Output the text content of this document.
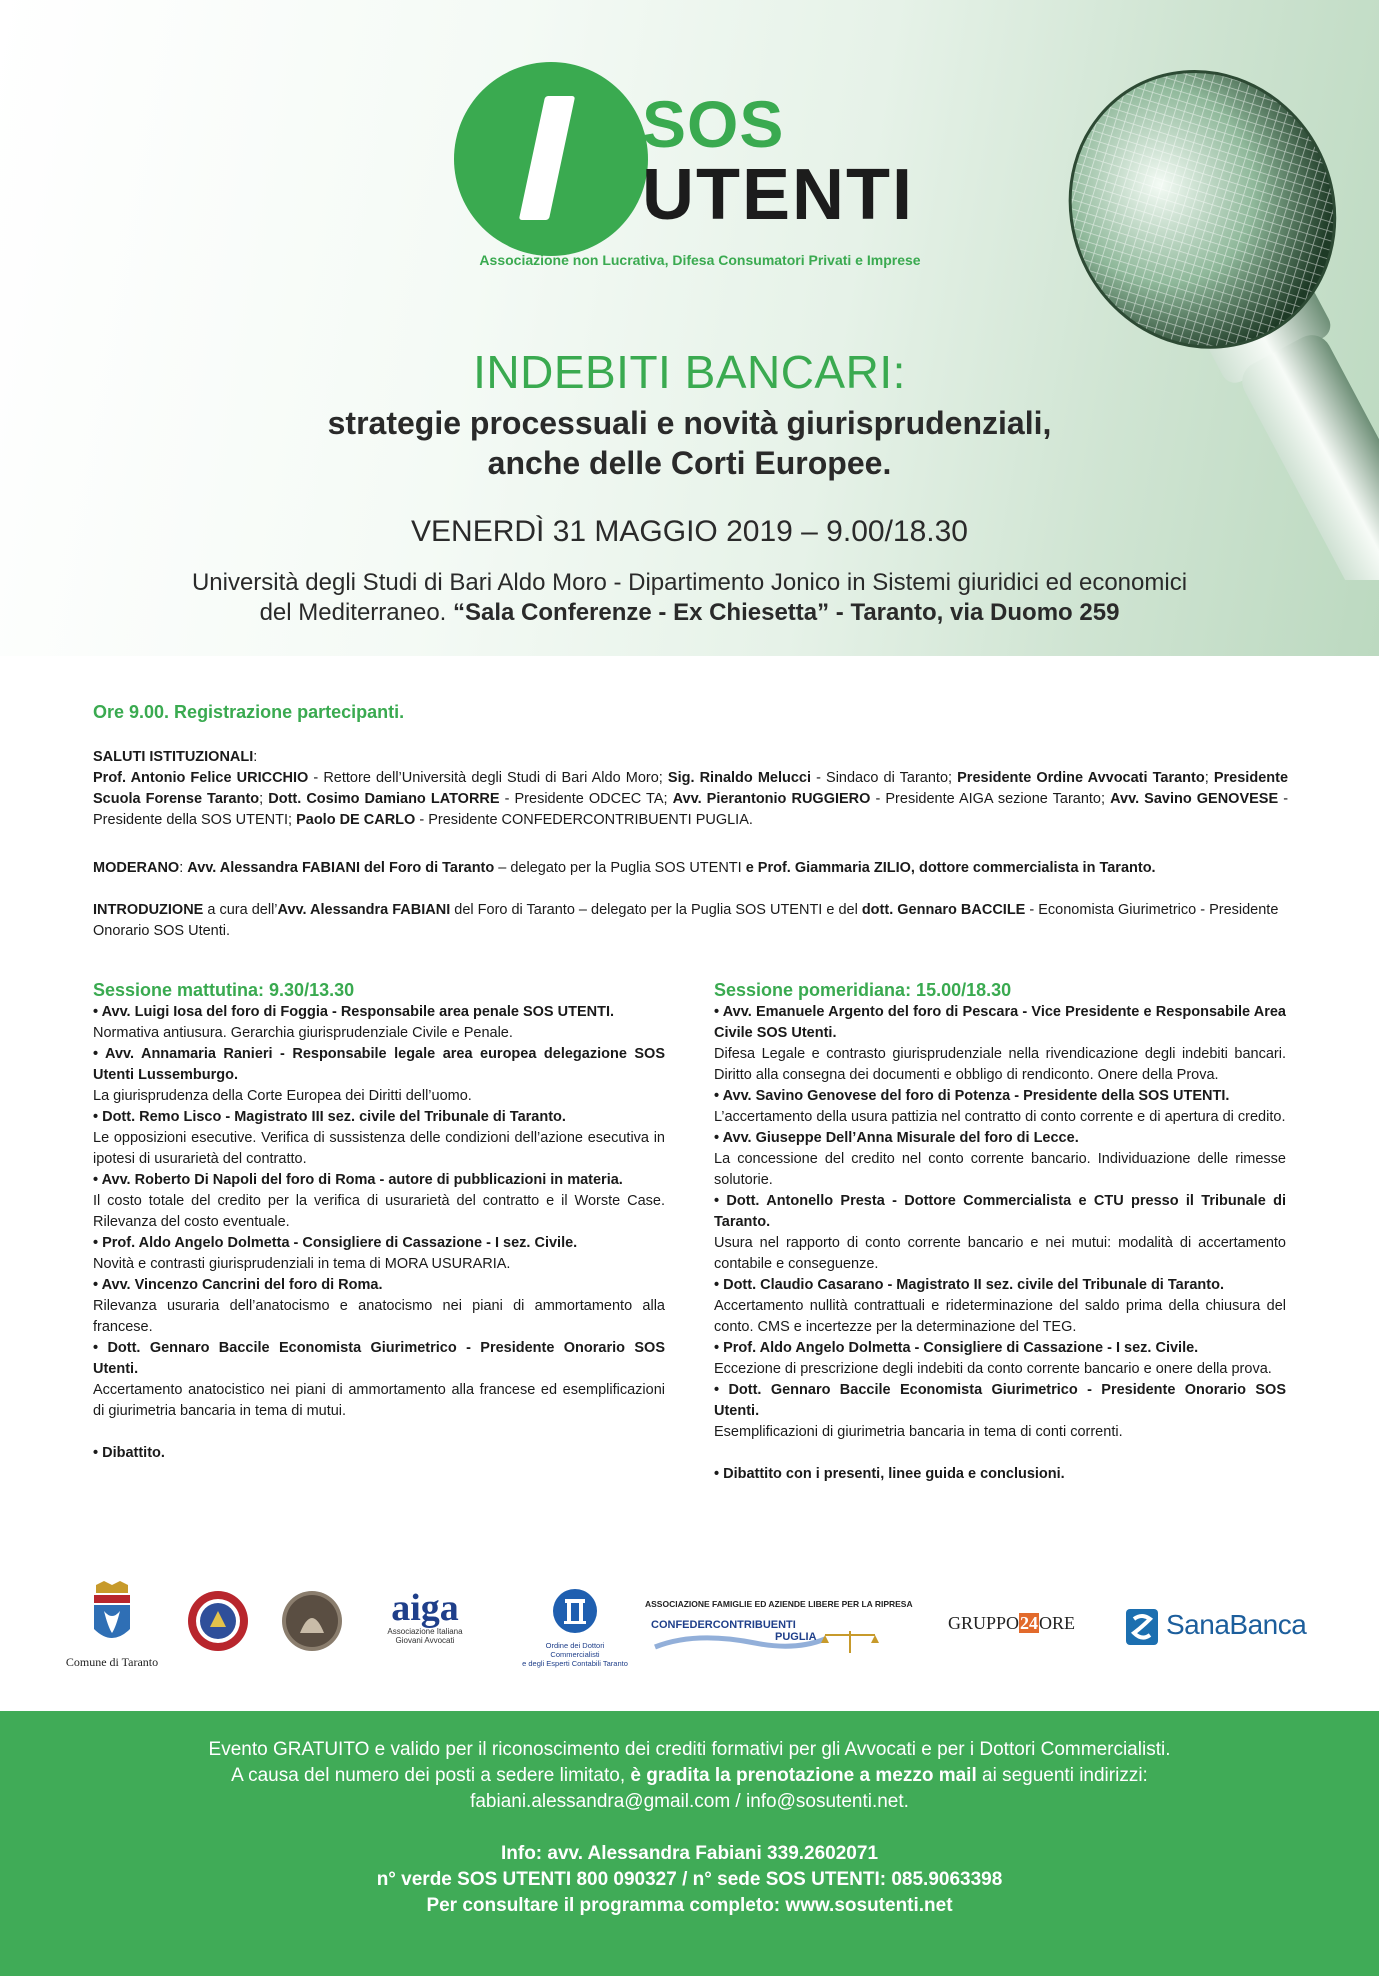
SOS
UTENTI
Associazione non Lucrativa, Difesa Consumatori Privati e Imprese
INDEBITI BANCARI:
strategie processuali e novità giurisprudenziali,
anche delle Corti Europee.
VENERDÌ 31 MAGGIO 2019 – 9.00/18.30
Università degli Studi di Bari Aldo Moro - Dipartimento Jonico in Sistemi giuridici ed economici
del Mediterraneo. “Sala Conferenze - Ex Chiesetta” - Taranto, via Duomo 259
Ore 9.00. Registrazione partecipanti.
SALUTI ISTITUZIONALI:
Prof. Antonio Felice URICCHIO - Rettore dell’Università degli Studi di Bari Aldo Moro; Sig. Rinaldo Melucci - Sindaco di Taranto; Presidente Ordine Avvocati Taranto; Presidente Scuola Forense Taranto; Dott. Cosimo Damiano LATORRE - Presidente ODCEC TA; Avv. Pierantonio RUGGIERO - Presidente AIGA sezione Taranto; Avv. Savino GENOVESE - Presidente della SOS UTENTI; Paolo DE CARLO - Presidente CONFEDERCONTRIBUENTI PUGLIA.
MODERANO: Avv. Alessandra FABIANI del Foro di Taranto – delegato per la Puglia SOS UTENTI e Prof. Giammaria ZILIO, dottore commercialista in Taranto.
INTRODUZIONE a cura dell’Avv. Alessandra FABIANI del Foro di Taranto – delegato per la Puglia SOS UTENTI e del dott. Gennaro BACCILE - Economista Giurimetrico - Presidente Onorario SOS Utenti.
Sessione mattutina: 9.30/13.30
• Avv. Luigi Iosa del foro di Foggia - Responsabile area penale SOS UTENTI.
Normativa antiusura. Gerarchia giurisprudenziale Civile e Penale.
• Avv. Annamaria Ranieri - Responsabile legale area europea delegazione SOS Utenti Lussemburgo.
La giurisprudenza della Corte Europea dei Diritti dell’uomo.
• Dott. Remo Lisco - Magistrato III sez. civile del Tribunale di Taranto.
Le opposizioni esecutive. Verifica di sussistenza delle condizioni dell’azione esecutiva in ipotesi di usurarietà del contratto.
• Avv. Roberto Di Napoli del foro di Roma - autore di pubblicazioni in materia.
Il costo totale del credito per la verifica di usurarietà del contratto e il Worste Case. Rilevanza del costo eventuale.
• Prof. Aldo Angelo Dolmetta - Consigliere di Cassazione - I sez. Civile.
Novità e contrasti giurisprudenziali in tema di MORA USURARIA.
• Avv. Vincenzo Cancrini del foro di Roma.
Rilevanza usuraria dell’anatocismo e anatocismo nei piani di ammortamento alla francese.
• Dott. Gennaro Baccile Economista Giurimetrico - Presidente Onorario SOS Utenti.
Accertamento anatocistico nei piani di ammortamento alla francese ed esemplificazioni di giurimetria bancaria in tema di mutui.
• Dibattito.
Sessione pomeridiana: 15.00/18.30
• Avv. Emanuele Argento del foro di Pescara - Vice Presidente e Responsabile Area Civile SOS Utenti.
Difesa Legale e contrasto giurisprudenziale nella rivendicazione degli indebiti bancari. Diritto alla consegna dei documenti e obbligo di rendiconto. Onere della Prova.
• Avv. Savino Genovese del foro di Potenza - Presidente della SOS UTENTI.
L’accertamento della usura pattizia nel contratto di conto corrente e di apertura di credito.
• Avv. Giuseppe Dell’Anna Misurale del foro di Lecce.
La concessione del credito nel conto corrente bancario. Individuazione delle rimesse solutorie.
• Dott. Antonello Presta - Dottore Commercialista e CTU presso il Tribunale di Taranto.
Usura nel rapporto di conto corrente bancario e nei mutui: modalità di accertamento contabile e conseguenze.
• Dott. Claudio Casarano - Magistrato II sez. civile del Tribunale di Taranto.
Accertamento nullità contrattuali e rideterminazione del saldo prima della chiusura del conto. CMS e incertezze per la determinazione del TEG.
• Prof. Aldo Angelo Dolmetta - Consigliere di Cassazione - I sez. Civile.
Eccezione di prescrizione degli indebiti da conto corrente bancario e onere della prova.
• Dott. Gennaro Baccile Economista Giurimetrico - Presidente Onorario SOS Utenti.
Esemplificazioni di giurimetria bancaria in tema di conti correnti.
• Dibattito con i presenti, linee guida e conclusioni.
Comune di Taranto
aiga
Associazione Italiana
Giovani Avvocati
Ordine dei Dottori Commercialisti
e degli Esperti Contabili Taranto
ASSOCIAZIONE FAMIGLIE ED AZIENDE LIBERE PER LA RIPRESA
CONFEDERCONTRIBUENTI
PUGLIA
GRUPPO24ORE	SanaBanca
Evento GRATUITO e valido per il riconoscimento dei crediti formativi per gli Avvocati e per i Dottori Commercialisti.
A causa del numero dei posti a sedere limitato, è gradita la prenotazione a mezzo mail ai seguenti indirizzi:
fabiani.alessandra@gmail.com / info@sosutenti.net.
Info: avv. Alessandra Fabiani 339.2602071
n° verde SOS UTENTI 800 090327 / n° sede SOS UTENTI: 085.9063398
Per consultare il programma completo: www.sosutenti.net
